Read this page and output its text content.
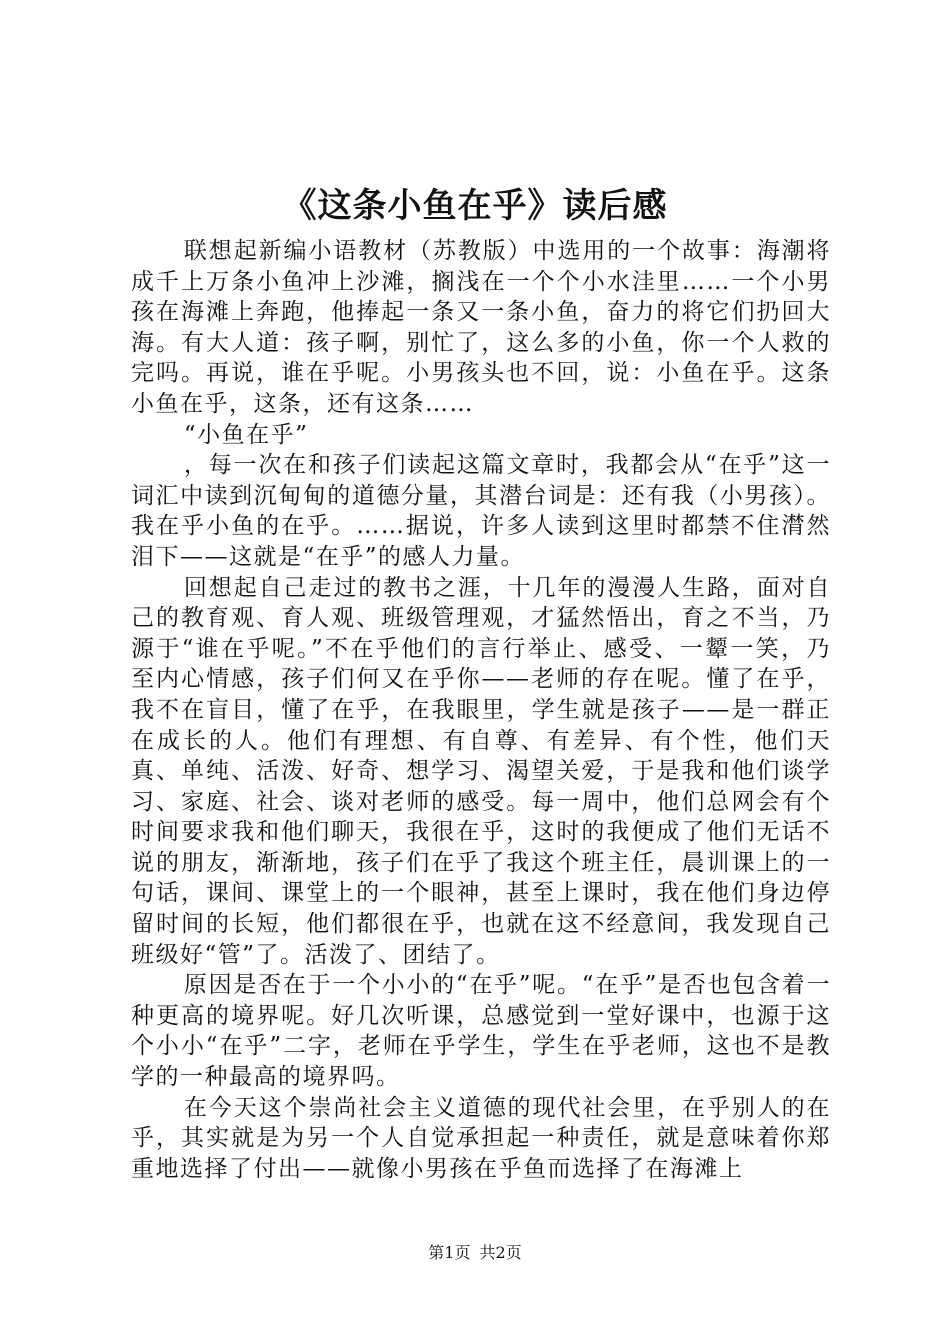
《这条小鱼在乎》读后感

联想起新编小语教材（苏教版）中选用的一个故事：海潮将成千上万条小鱼冲上沙滩，搁浅在一个个小水洼里……一个小男孩在海滩上奔跑，他捧起一条又一条小鱼，奋力的将它们扔回大海。有大人道：孩子啊，别忙了，这么多的小鱼，你一个人救的完吗。再说，谁在乎呢。小男孩头也不回，说：小鱼在乎。这条小鱼在乎，这条，还有这条……

“小鱼在乎”

，每一次在和孩子们读起这篇文章时，我都会从“在乎”这一词汇中读到沉甸甸的道德分量，其潜台词是：还有我（小男孩）。我在乎小鱼的在乎。……据说，许多人读到这里时都禁不住潸然泪下——这就是“在乎”的感人力量。

回想起自己走过的教书之涯，十几年的漫漫人生路，面对自己的教育观、育人观、班级管理观，才猛然悟出，育之不当，乃源于“谁在乎呢。”不在乎他们的言行举止、感受、一颦一笑，乃至内心情感，孩子们何又在乎你——老师的存在呢。懂了在乎，我不在盲目，懂了在乎，在我眼里，学生就是孩子——是一群正在成长的人。他们有理想、有自尊、有差异、有个性，他们天真、单纯、活泼、好奇、想学习、渴望关爱，于是我和他们谈学习、家庭、社会、谈对老师的感受。每一周中，他们总网会有个时间要求我和他们聊天，我很在乎，这时的我便成了他们无话不说的朋友，渐渐地，孩子们在乎了我这个班主任，晨训课上的一句话，课间、课堂上的一个眼神，甚至上课时，我在他们身边停留时间的长短，他们都很在乎，也就在这不经意间，我发现自己班级好“管”了。活泼了、团结了。

原因是否在于一个小小的“在乎”呢。“在乎”是否也包含着一种更高的境界呢。好几次听课，总感觉到一堂好课中，也源于这个小小“在乎”二字，老师在乎学生，学生在乎老师，这也不是教学的一种最高的境界吗。

在今天这个崇尚社会主义道德的现代社会里，在乎别人的在乎，其实就是为另一个人自觉承担起一种责任，就是意味着你郑重地选择了付出——就像小男孩在乎鱼而选择了在海滩上

第1页 共2页
